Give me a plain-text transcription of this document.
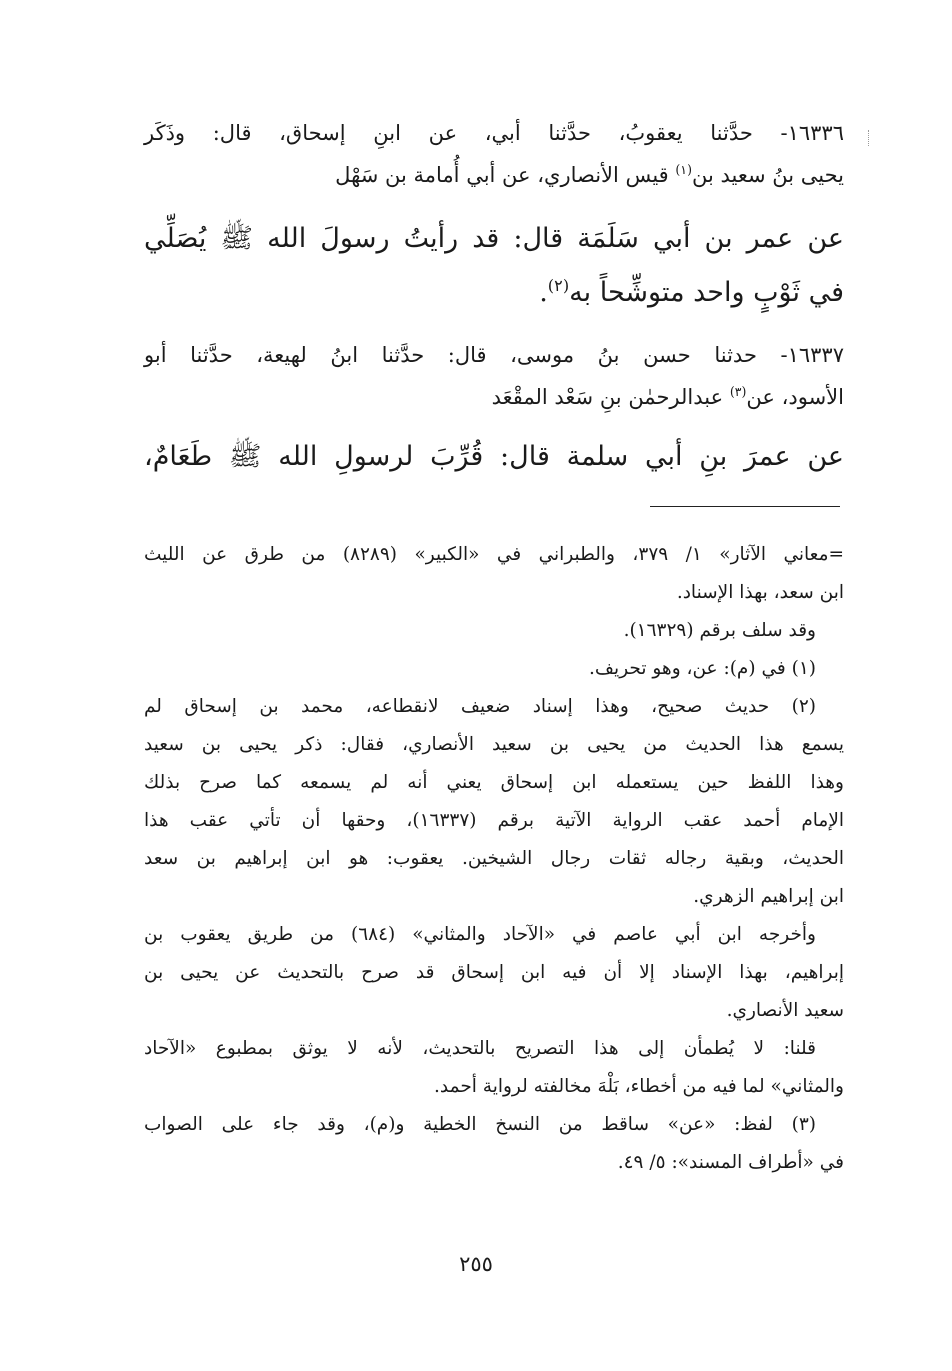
١٦٣٣٦- حدَّثنا يعقوبُ، حدَّثنا أبي، عن ابنِ إسحاق، قال: وذَكَر
يحيى بنُ سعيد بن$^{(١)}$ قيس الأنصاري، عن أبي أُمامة بن سَهْل
عن عمر بن أبي سَلَمَة قال: قد رأيتُ رسولَ الله ﷺ يُصَلِّي
في ثَوْبٍ واحد متوشِّحاً به$^{(٢)}$.
١٦٣٣٧- حدثنا حسن بنُ موسى، قال: حدَّثنا ابنُ لهيعة، حدَّثنا أبو
الأسود، عن$^{(٣)}$ عبدالرحمٰن بنِ سَعْد المقْعَد
عن عمرَ بنِ أبي سلمة قال: قُرِّبَ لرسولِ الله ﷺ طَعَامٌ،
=معاني الآثار» ١/ ٣٧٩، والطبراني في «الكبير» (٨٢٨٩) من طرق عن الليث
ابن سعد، بهذا الإسناد.
وقد سلف برقم (١٦٣٢٩).
(١) في (م): عن، وهو تحريف.
(٢) حديث صحيح، وهذا إسناد ضعيف لانقطاعه، محمد بن إسحاق لم
يسمع هذا الحديث من يحيى بن سعيد الأنصاري، فقال: ذكر يحيى بن سعيد
وهذا اللفظ حين يستعمله ابن إسحاق يعني أنه لم يسمعه كما صرح بذلك
الإمام أحمد عقب الرواية الآتية برقم (١٦٣٣٧)، وحقها أن تأتي عقب هذا
الحديث، وبقية رجاله ثقات رجال الشيخين. يعقوب: هو ابن إبراهيم بن سعد
ابن إبراهيم الزهري.
وأخرجه ابن أبي عاصم في «الآحاد والمثاني» (٦٨٤) من طريق يعقوب بن
إبراهيم، بهذا الإسناد إلا أن فيه ابن إسحاق قد صرح بالتحديث عن يحيى بن
سعيد الأنصاري.
قلنا: لا يُطمأن إلى هذا التصريح بالتحديث، لأنه لا يوثق بمطبوع «الآحاد
والمثاني» لما فيه من أخطاء، بَلْهَ مخالفته لرواية أحمد.
(٣) لفظ: «عن» ساقط من النسخ الخطية و(م)، وقد جاء على الصواب
في «أطراف المسند»: ٥/ ٤٩.
٢٥٥
